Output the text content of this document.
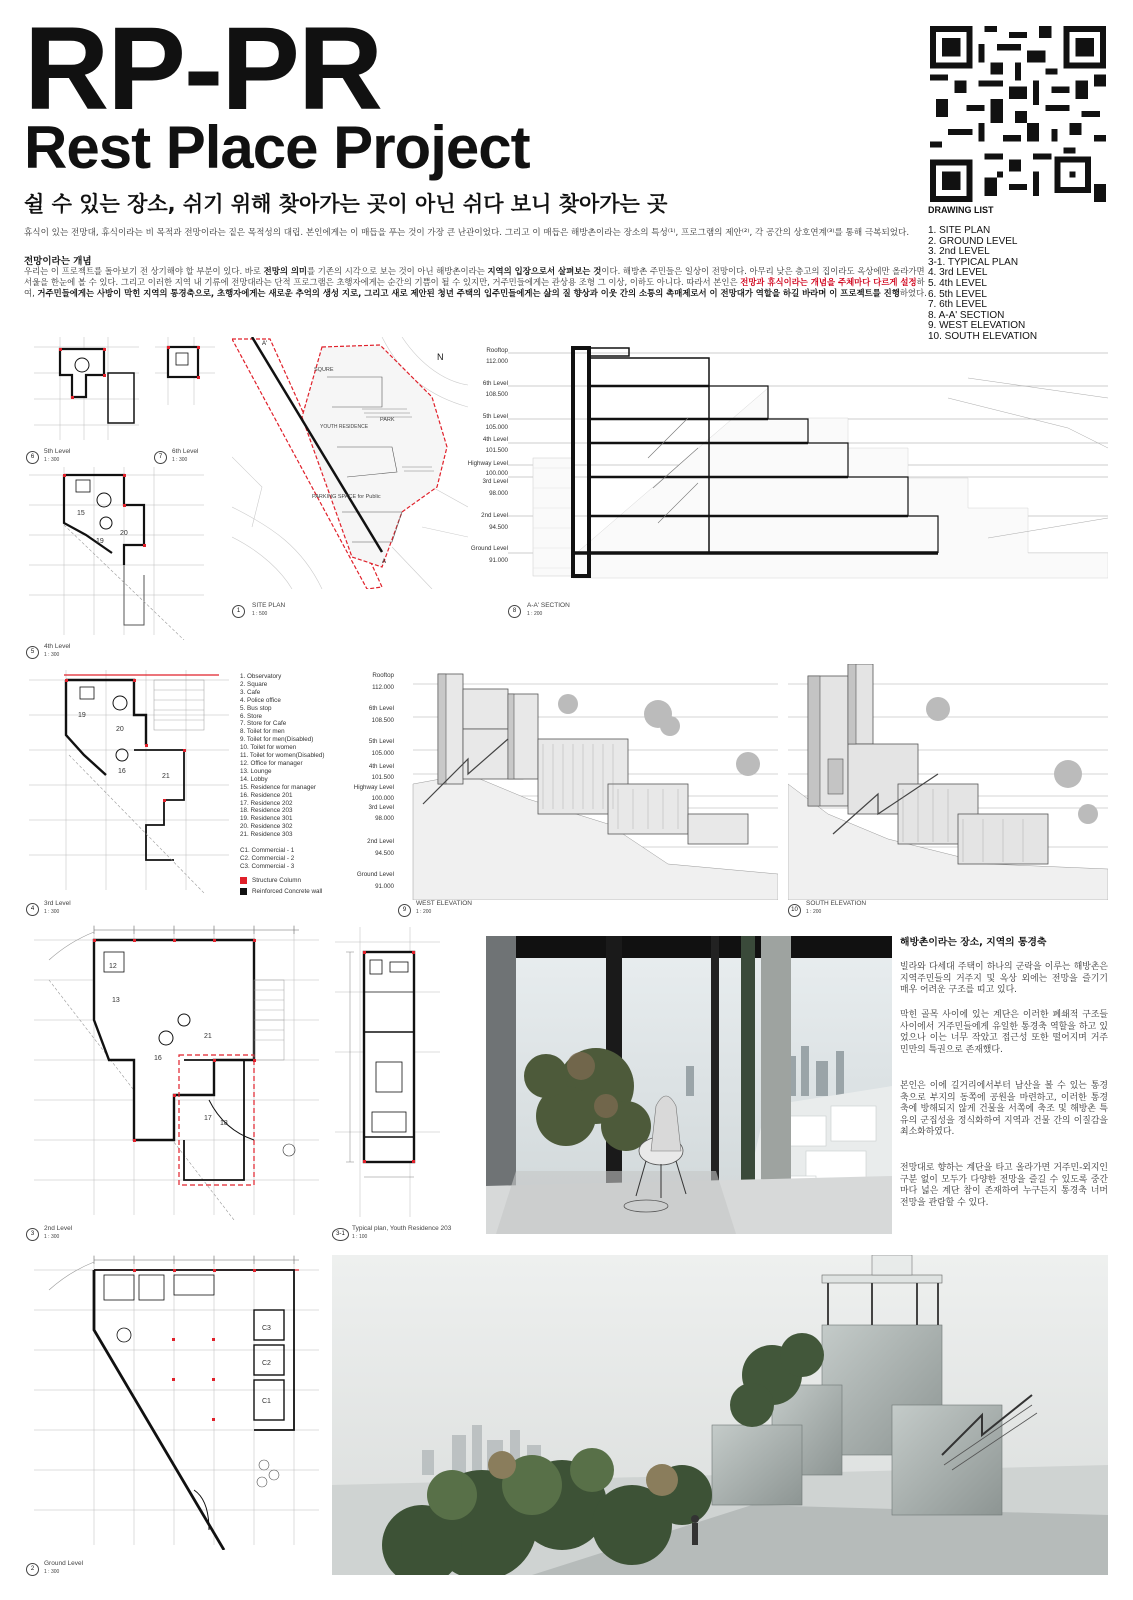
RP-PR
Rest Place Project
쉴 수 있는 장소, 쉬기 위해 찾아가는 곳이 아닌 쉬다 보니 찾아가는 곳	DRAWING LIST
1. SITE PLAN
2. GROUND LEVEL
3. 2nd LEVEL
3-1. TYPICAL PLAN
4. 3rd LEVEL
5. 4th LEVEL
6. 5th LEVEL
7. 6th LEVEL
8. A-A' SECTION
9. WEST ELEVATION
10. SOUTH ELEVATION
휴식이 있는 전망대, 휴식이라는 비 목적과 전망이라는 짙은 목적성의 대립. 본인에게는 이 매듭을 푸는 것이 가장 큰 난관이었다. 그리고 이 매듭은 해방촌이라는 장소의 특성⁽¹⁾, 프로그램의 제안⁽²⁾, 각 공간의 상호연계⁽³⁾를 통해 극복되었다.
전망이라는 개념
우리는 이 프로젝트를 돌아보기 전 상기해야 할 부분이 있다. 바로 전망의 의미를 기존의 시각으로 보는 것이 아닌 해방촌이라는 지역의 입장으로서 살펴보는 것이다. 해방촌 주민들은 일상이 전망이다. 아무리 낮은 층고의 집이라도 옥상에만 올라가면 서울을 한눈에 볼 수 있다. 그리고 이러한 지역 내 기류에 전망대라는 단적 프로그램은 초행자에게는 순간의 기쁨이 될 수 있지만, 거주민들에게는 관상용 조형 그 이상, 이하도 아니다. 따라서 본인은 전망과 휴식이라는 개념을 주체마다 다르게 설정하여, 거주민들에게는 사방이 막힌 지역의 통경축으로, 초행자에게는 새로운 추억의 생성 지로, 그리고 새로 제안된 청년 주택의 입주민들에게는 삶의 질 향상과 이웃 간의 소통의 촉매제로서 이 전망대가 역할을 하길 바라며 이 프로젝트를 진행하였다.
6
5th Level
1 : 300	7
6th Level
1 : 300
15
19
20
5
4th Level
1 : 300
SQURE
PARK
YOUTH RESIDENCE
PARKING SPACE for Public
N
A
A'
1
SITE PLAN
1 : 500
Rooftop
112.000
6th Level
108.500
5th Level
105.000
4th Level
101.500
Highway Level
100.000
3rd Level
98.000
2nd Level
94.500
Ground Level
91.000
8
A-A' SECTION
1 : 200
19
20
21
16
1. Observatory
2. Square
3. Cafe
4. Police office
5. Bus stop
6. Store
7. Store for Cafe
8. Toilet for men
9. Toilet for men(Disabled)
10. Toilet for women
11. Toilet for women(Disabled)
12. Office for manager
13. Lounge
14. Lobby
15. Residence for manager
16. Residence 201
17. Residence 202
18. Residence 203
19. Residence 301
20. Residence 302
21. Residence 303
C1. Commercial - 1
C2. Commercial - 2
C3. Commercial - 3
Structure Column
Reinforced Concrete wall
4
3rd Level
1 : 300
Rooftop
112.000
6th Level
108.500
5th Level
105.000
4th Level
101.500
Highway Level
100.000
3rd Level
98.000
2nd Level
94.500
Ground Level
91.000
9
WEST ELEVATION
1 : 200	10
SOUTH ELEVATION
1 : 200
12
13
16
17
18
21
3
2nd Level
1 : 300	3-1
Typical plan, Youth Residence 203
1 : 100
해방촌이라는 장소, 지역의 통경축
빌라와 다세대 주택이 하나의 군락을 이루는 해방촌은 지역주민들의 거주지 및 옥상 외에는 전망을 즐기기 매우 어려운 구조를 띠고 있다.
막힌 골목 사이에 있는 계단은 이러한 폐쇄적 구조들 사이에서 거주민들에게 유일한 통경축 역할을 하고 있었으나 이는 너무 작았고 접근성 또한 떨어지며 거주민만의 특권으로 존재했다.
본인은 이에 길거리에서부터 남산을 볼 수 있는 통경축으로 부지의 동쪽에 공원을 마련하고, 이러한 통경축에 방해되지 않게 건물을 서쪽에 축조 및 해방촌 특유의 군집성을 정식화하여 지역과 건물 간의 이질감을 최소화하였다.
전망대로 향하는 계단을 타고 올라가면 거주민-외지인 구분 없이 모두가 다양한 전망을 즐길 수 있도록 중간마다 넓은 계단 참이 존재하여 누구든지 통경축 너머 전망을 관람할 수 있다.
C3
C2
C1
2
Ground Level
1 : 300
